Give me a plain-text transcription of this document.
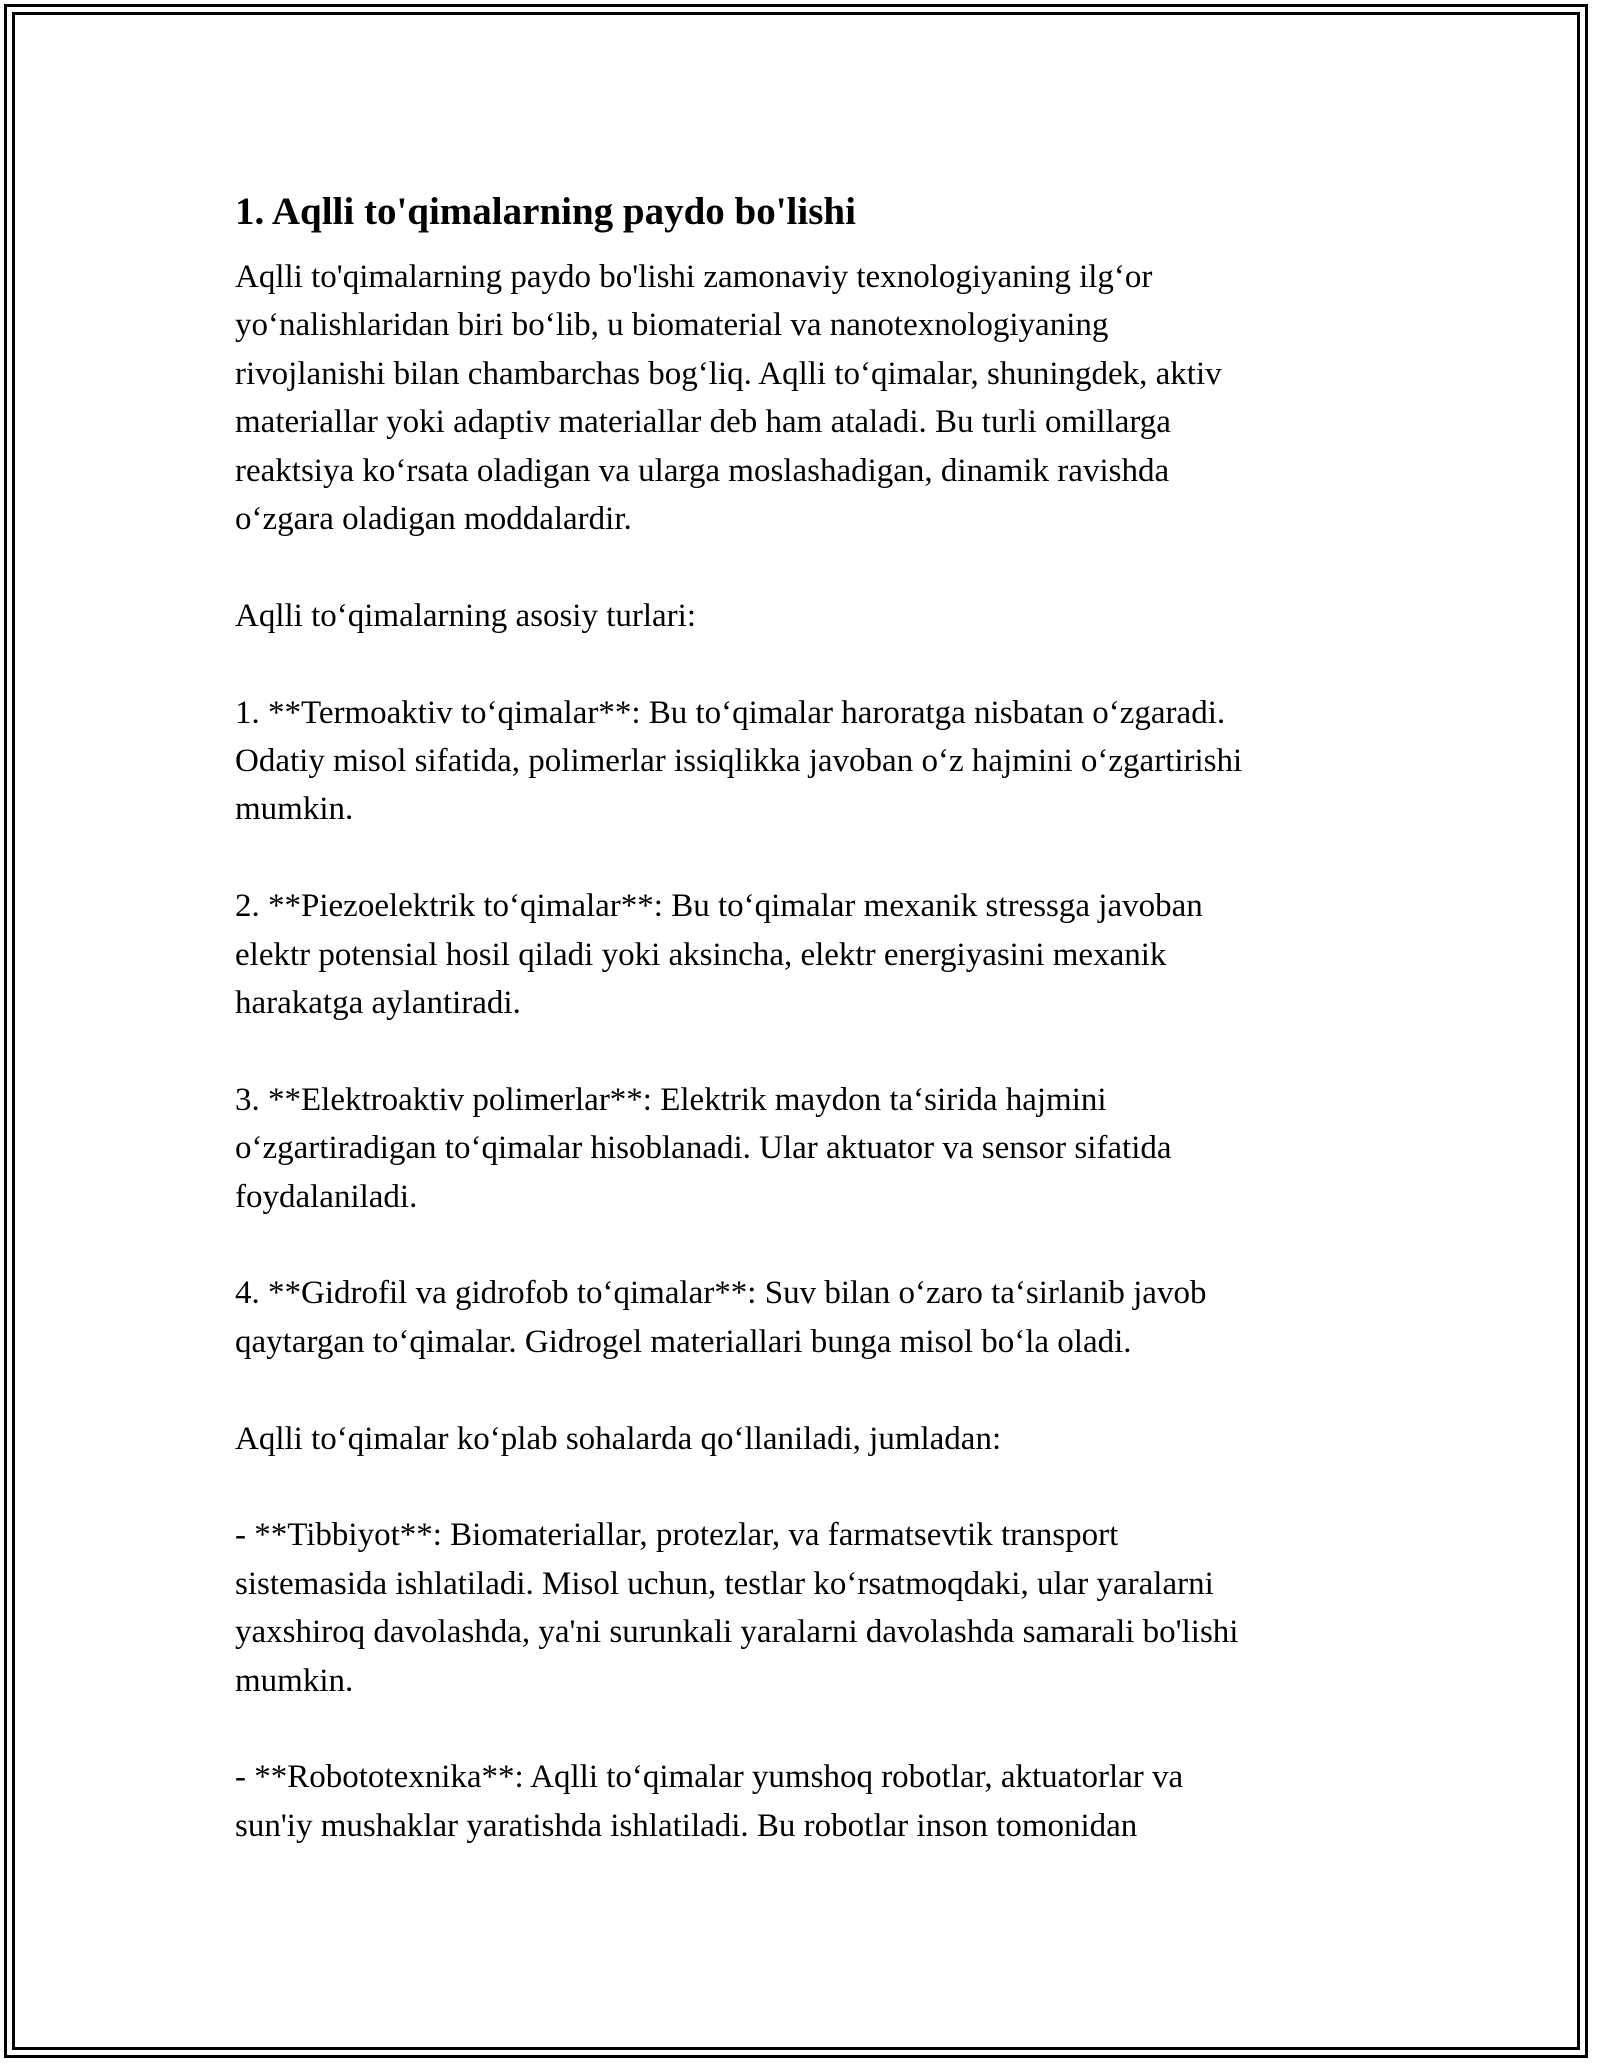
1. Aqlli to'qimalarning paydo bo'lishi
Aqlli to'qimalarning paydo bo'lishi zamonaviy texnologiyaning ilg‘or
yo‘nalishlaridan biri bo‘lib, u biomaterial va nanotexnologiyaning
rivojlanishi bilan chambarchas bog‘liq. Aqlli to‘qimalar, shuningdek, aktiv
materiallar yoki adaptiv materiallar deb ham ataladi. Bu turli omillarga
reaktsiya ko‘rsata oladigan va ularga moslashadigan, dinamik ravishda
o‘zgara oladigan moddalardir.
Aqlli to‘qimalarning asosiy turlari:
1. **Termoaktiv to‘qimalar**: Bu to‘qimalar haroratga nisbatan o‘zgaradi.
Odatiy misol sifatida, polimerlar issiqlikka javoban o‘z hajmini o‘zgartirishi
mumkin.
2. **Piezoelektrik to‘qimalar**: Bu to‘qimalar mexanik stressga javoban
elektr potensial hosil qiladi yoki aksincha, elektr energiyasini mexanik
harakatga aylantiradi.
3. **Elektroaktiv polimerlar**: Elektrik maydon ta‘sirida hajmini
o‘zgartiradigan to‘qimalar hisoblanadi. Ular aktuator va sensor sifatida
foydalaniladi.
4. **Gidrofil va gidrofob to‘qimalar**: Suv bilan o‘zaro ta‘sirlanib javob
qaytargan to‘qimalar. Gidrogel materiallari bunga misol bo‘la oladi.
Aqlli to‘qimalar ko‘plab sohalarda qo‘llaniladi, jumladan:
- **Tibbiyot**: Biomateriallar, protezlar, va farmatsevtik transport
sistemasida ishlatiladi. Misol uchun, testlar ko‘rsatmoqdaki, ular yaralarni
yaxshiroq davolashda, ya'ni surunkali yaralarni davolashda samarali bo'lishi
mumkin.
- **Robototexnika**: Aqlli to‘qimalar yumshoq robotlar, aktuatorlar va
sun'iy mushaklar yaratishda ishlatiladi. Bu robotlar inson tomonidan
